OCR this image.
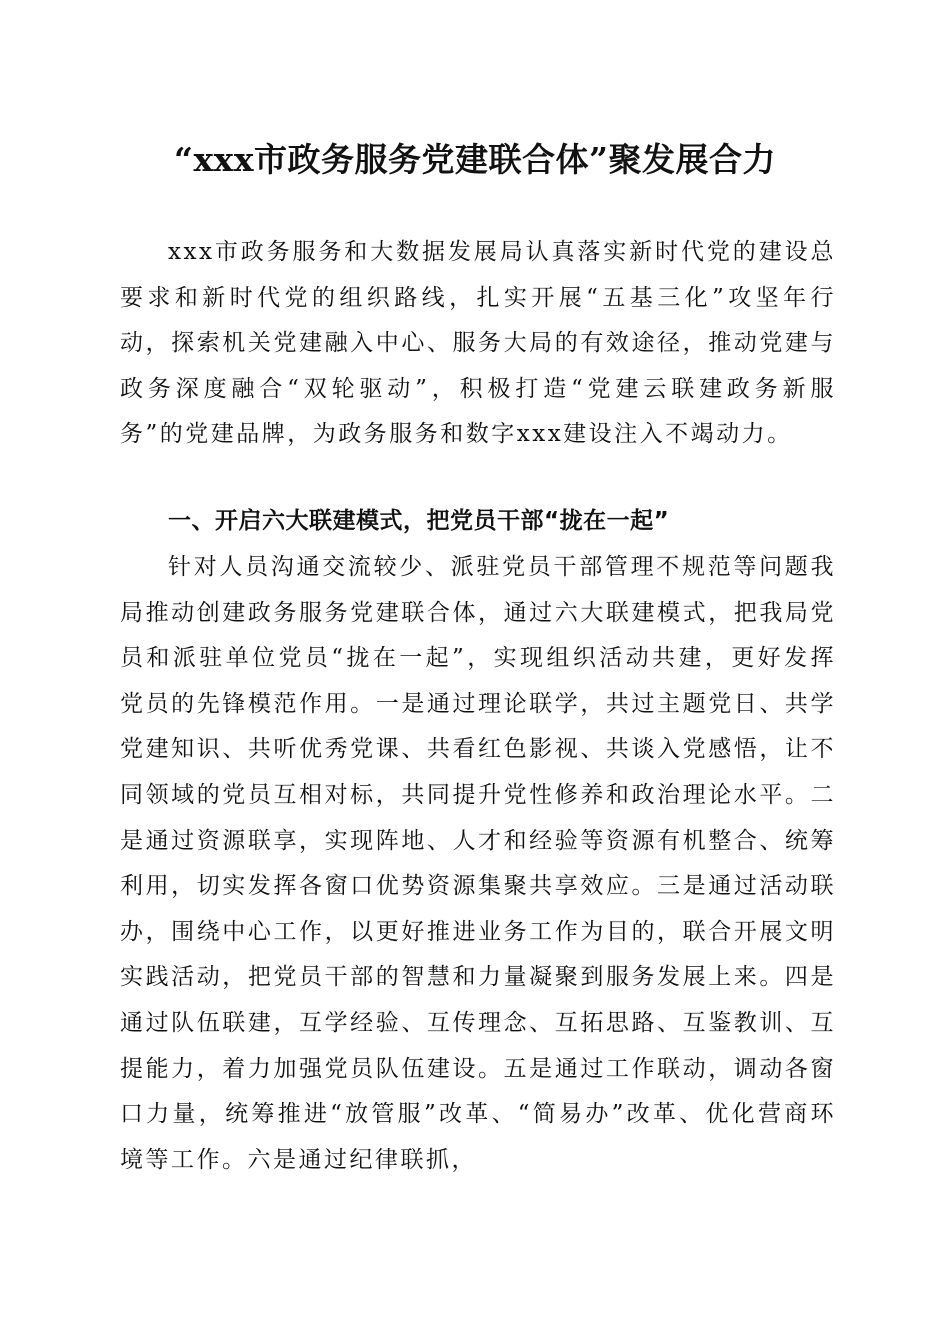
“xxx市政务服务党建联合体”聚发展合力

xxx市政务服务和大数据发展局认真落实新时代党的建设总要求和新时代党的组织路线，扎实开展“五基三化”攻坚年行动，探索机关党建融入中心、服务大局的有效途径，推动党建与政务深度融合“双轮驱动”，积极打造“党建云联建政务新服务”的党建品牌，为政务服务和数字xxx建设注入不竭动力。

一、开启六大联建模式，把党员干部“拢在一起”

针对人员沟通交流较少、派驻党员干部管理不规范等问题我局推动创建政务服务党建联合体，通过六大联建模式，把我局党员和派驻单位党员“拢在一起”，实现组织活动共建，更好发挥党员的先锋模范作用。一是通过理论联学，共过主题党日、共学党建知识、共听优秀党课、共看红色影视、共谈入党感悟，让不同领域的党员互相对标，共同提升党性修养和政治理论水平。二是通过资源联享，实现阵地、人才和经验等资源有机整合、统筹利用，切实发挥各窗口优势资源集聚共享效应。三是通过活动联办，围绕中心工作，以更好推进业务工作为目的，联合开展文明实践活动，把党员干部的智慧和力量凝聚到服务发展上来。四是通过队伍联建，互学经验、互传理念、互拓思路、互鉴教训、互提能力，着力加强党员队伍建设。五是通过工作联动，调动各窗口力量，统筹推进“放管服”改革、“简易办”改革、优化营商环境等工作。六是通过纪律联抓，
